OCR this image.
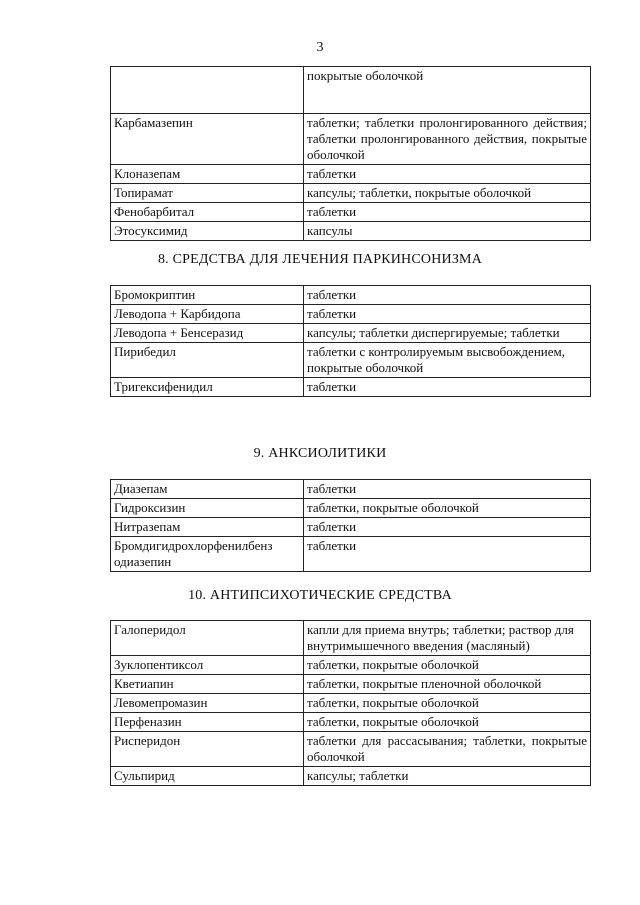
3
	покрытые оболочкой
Карбамазепин	таблетки; таблетки пролонгированного действия; таблетки пролонгированного действия, покрытые оболочкой
Клоназепам	таблетки
Топирамат	капсулы; таблетки, покрытые оболочкой
Фенобарбитал	таблетки
Этосуксимид	капсулы
8. СРЕДСТВА ДЛЯ ЛЕЧЕНИЯ ПАРКИНСОНИЗМА
Бромокриптин	таблетки
Леводопа + Карбидопа	таблетки
Леводопа + Бенсеразид	капсулы; таблетки диспергируемые; таблетки
Пирибедил	таблетки с контролируемым высвобождением, покрытые оболочкой
Тригексифенидил	таблетки
9. АНКСИОЛИТИКИ
Диазепам	таблетки
Гидроксизин	таблетки, покрытые оболочкой
Нитразепам	таблетки
Бромдигидрохлорфенилбенз одиазепин	таблетки
10. АНТИПСИХОТИЧЕСКИЕ СРЕДСТВА
Галоперидол	капли для приема внутрь; таблетки; раствор для внутримышечного введения (масляный)
Зуклопентиксол	таблетки, покрытые оболочкой
Кветиапин	таблетки, покрытые пленочной оболочкой
Левомепромазин	таблетки, покрытые оболочкой
Перфеназин	таблетки, покрытые оболочкой
Рисперидон	таблетки для рассасывания; таблетки, покрытые оболочкой
Сульпирид	капсулы; таблетки
